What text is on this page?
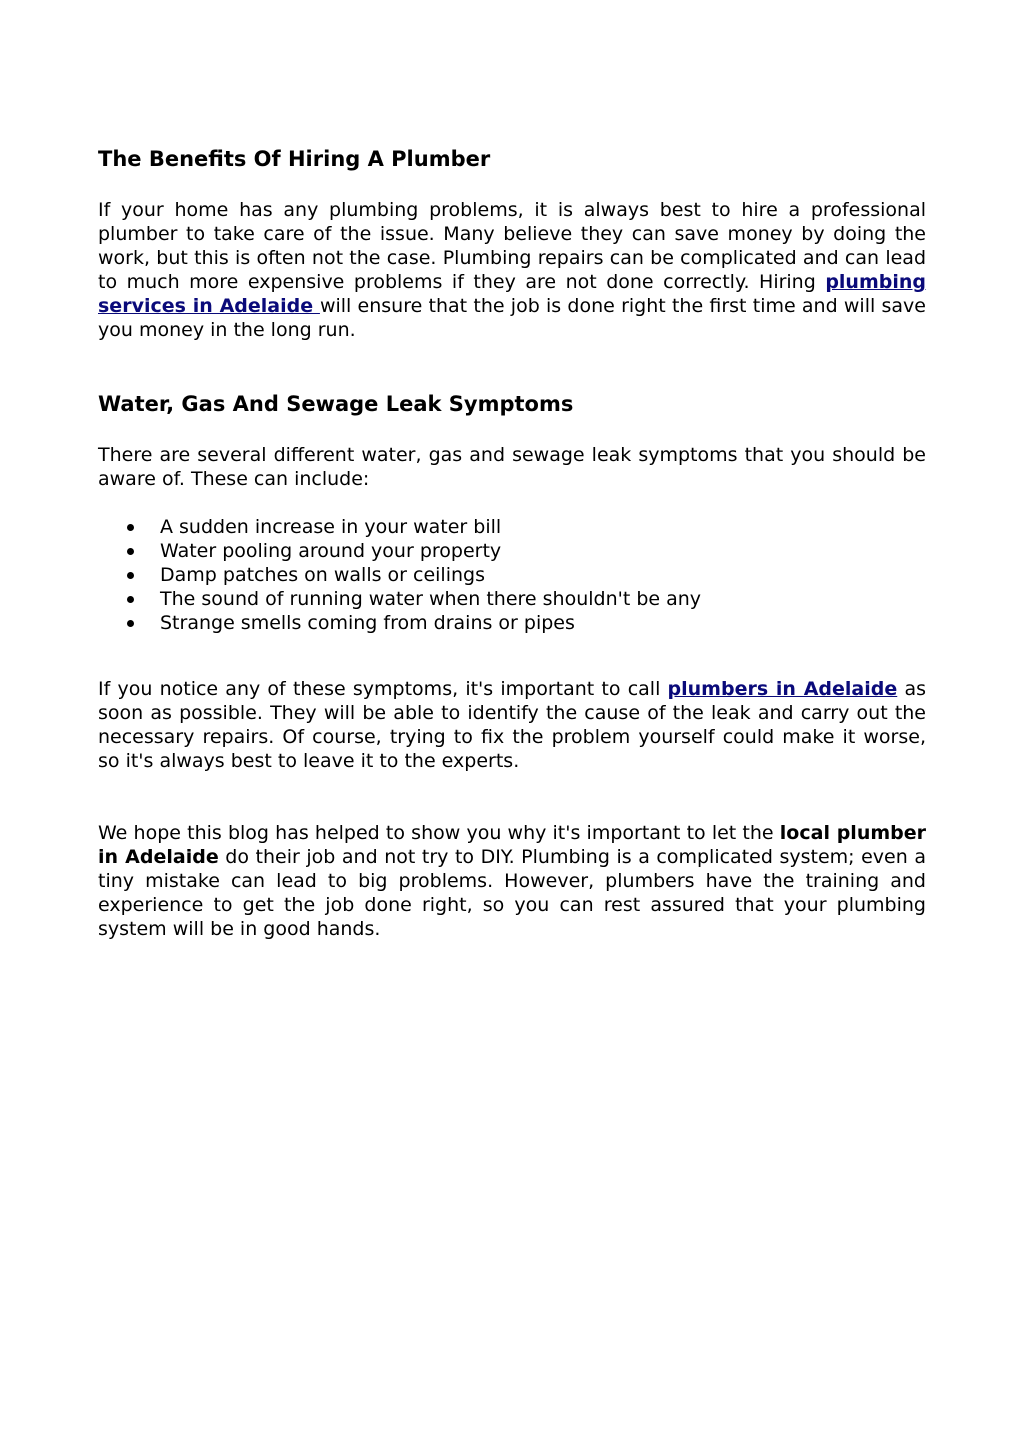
The Benefits Of Hiring A Plumber

If your home has any plumbing problems, it is always best to hire a professional plumber to take care of the issue. Many believe they can save money by doing the work, but this is often not the case. Plumbing repairs can be complicated and can lead to much more expensive problems if they are not done correctly. Hiring plumbing services in Adelaide will ensure that the job is done right the first time and will save you money in the long run.

Water, Gas And Sewage Leak Symptoms

There are several different water, gas and sewage leak symptoms that you should be aware of. These can include:

A sudden increase in your water bill
Water pooling around your property
Damp patches on walls or ceilings
The sound of running water when there shouldn't be any
Strange smells coming from drains or pipes

If you notice any of these symptoms, it's important to call plumbers in Adelaide as soon as possible. They will be able to identify the cause of the leak and carry out the necessary repairs. Of course, trying to fix the problem yourself could make it worse, so it's always best to leave it to the experts.

We hope this blog has helped to show you why it's important to let the local plumber in Adelaide do their job and not try to DIY. Plumbing is a complicated system; even a tiny mistake can lead to big problems. However, plumbers have the training and experience to get the job done right, so you can rest assured that your plumbing system will be in good hands.
